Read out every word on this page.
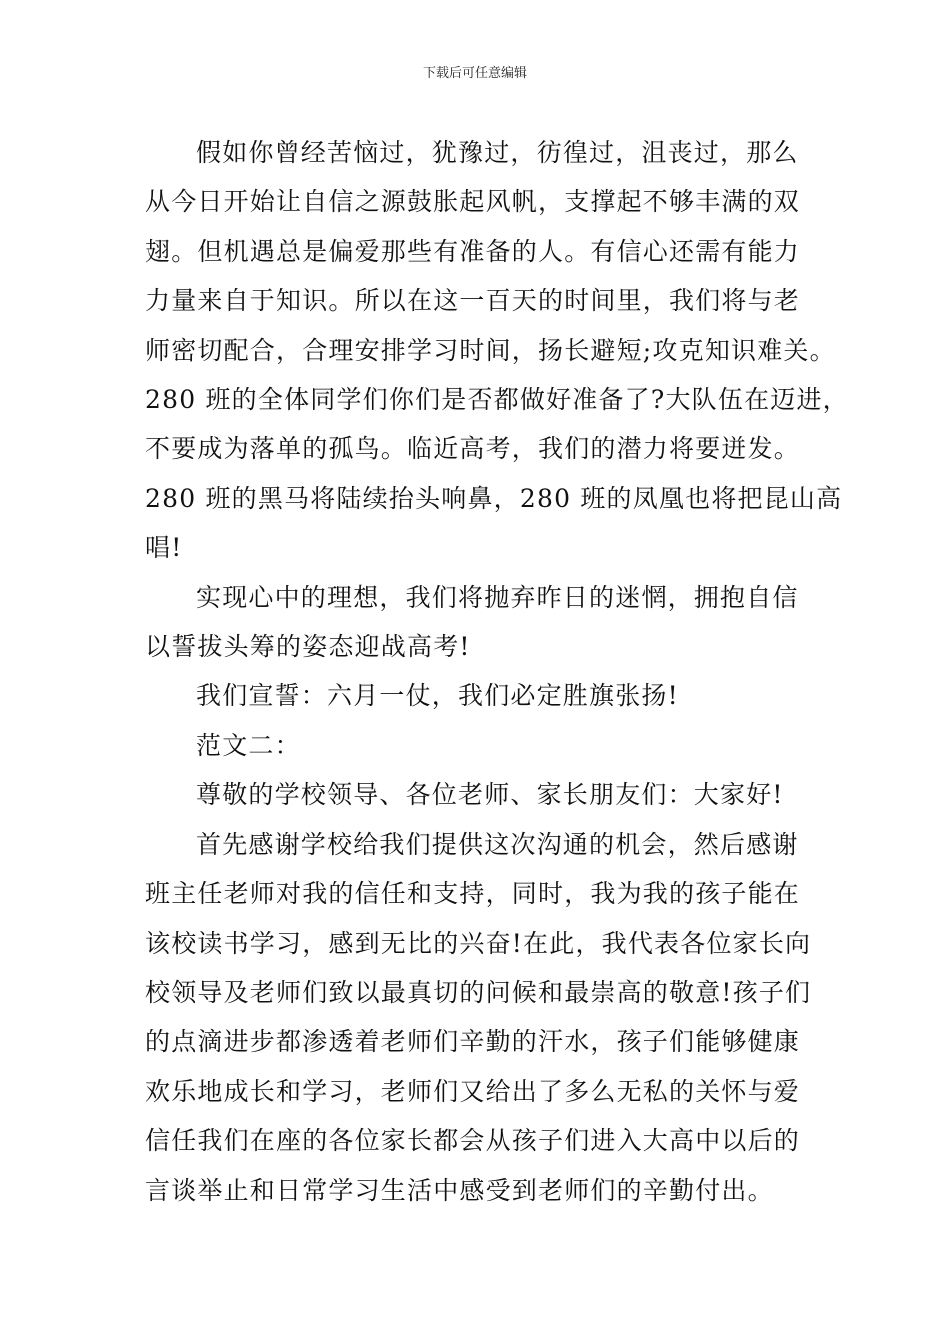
下载后可任意编辑

假如你曾经苦恼过，犹豫过，彷徨过，沮丧过，那么
从今日开始让自信之源鼓胀起风帆，支撑起不够丰满的双
翅。但机遇总是偏爱那些有准备的人。有信心还需有能力
力量来自于知识。所以在这一百天的时间里，我们将与老
师密切配合，合理安排学习时间，扬长避短;攻克知识难关。
280 班的全体同学们你们是否都做好准备了?大队伍在迈进，
不要成为落单的孤鸟。临近高考，我们的潜力将要迸发。
280 班的黑马将陆续抬头响鼻，280 班的凤凰也将把昆山高
唱!

实现心中的理想，我们将抛弃昨日的迷惘，拥抱自信
以誓拔头筹的姿态迎战高考!

我们宣誓：六月一仗，我们必定胜旗张扬!

范文二：

尊敬的学校领导、各位老师、家长朋友们：大家好!

首先感谢学校给我们提供这次沟通的机会，然后感谢
班主任老师对我的信任和支持，同时，我为我的孩子能在
该校读书学习，感到无比的兴奋!在此，我代表各位家长向
校领导及老师们致以最真切的问候和最崇高的敬意!孩子们
的点滴进步都渗透着老师们辛勤的汗水，孩子们能够健康
欢乐地成长和学习，老师们又给出了多么无私的关怀与爱
信任我们在座的各位家长都会从孩子们进入大高中以后的
言谈举止和日常学习生活中感受到老师们的辛勤付出。
